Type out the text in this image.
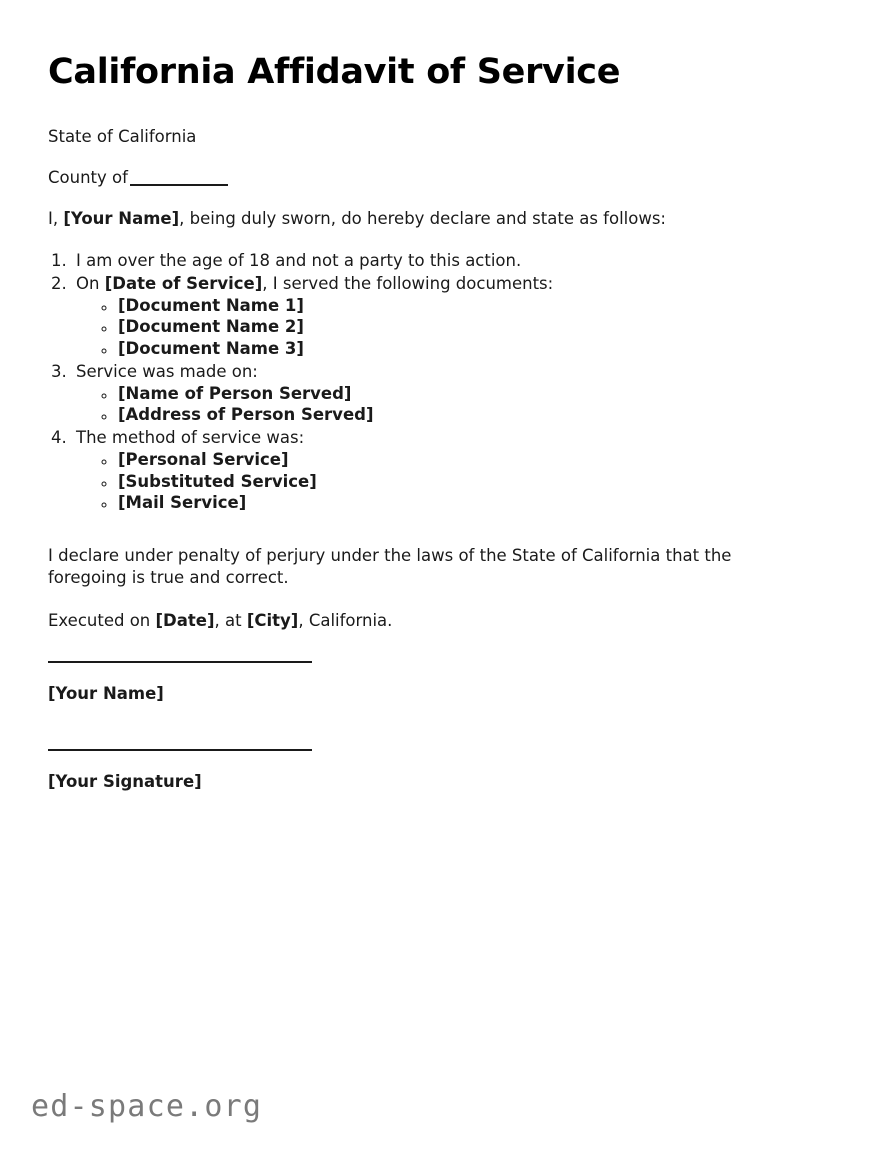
California Affidavit of Service

State of California

County of

I, [Your Name], being duly sworn, do hereby declare and state as follows:

1. I am over the age of 18 and not a party to this action.
2. On [Date of Service], I served the following documents:
◦ [Document Name 1]
◦ [Document Name 2]
◦ [Document Name 3]
3. Service was made on:
◦ [Name of Person Served]
◦ [Address of Person Served]
4. The method of service was:
◦ [Personal Service]
◦ [Substituted Service]
◦ [Mail Service]

I declare under penalty of perjury under the laws of the State of California that the foregoing is true and correct.

Executed on [Date], at [City], California.

[Your Name]
[Your Signature]
ed-space.org
